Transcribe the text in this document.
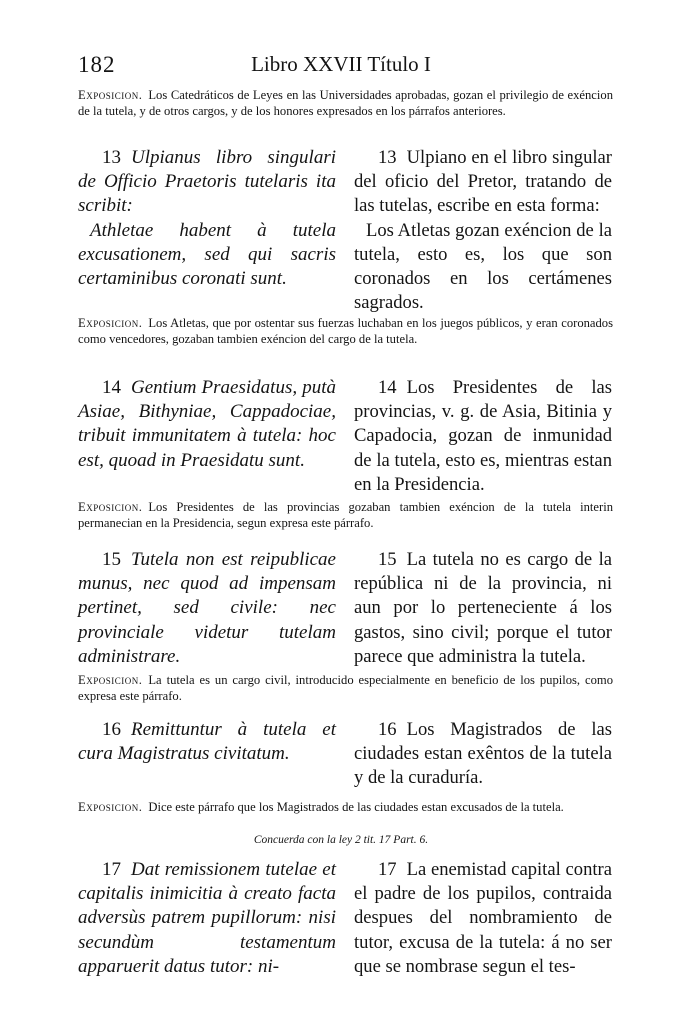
182	Libro XXVII Título I
Exposicion. Los Catedráticos de Leyes en las Universidades aprobadas, gozan el privilegio de exéncion de la tutela, y de otros cargos, y de los honores expresados en los párrafos anteriores.

13 Ulpianus libro singulari de Officio Praetoris tutelaris ita scribit:

Athletae habent à tutela excusationem, sed qui sacris certaminibus coronati sunt.

13 Ulpiano en el libro singular del oficio del Pretor, tratando de las tutelas, escribe en esta forma:

Los Atletas gozan exéncion de la tutela, esto es, los que son coronados en los certámenes sagrados.

Exposicion. Los Atletas, que por ostentar sus fuerzas luchaban en los juegos públicos, y eran coronados como vencedores, gozaban tambien exéncion del cargo de la tutela.

14 Gentium Praesidatus, putà Asiae, Bithyniae, Cappadociae, tribuit immunitatem à tutela: hoc est, quoad in Praesidatu sunt.

14 Los Presidentes de las provincias, v. g. de Asia, Bitinia y Capadocia, gozan de inmunidad de la tutela, esto es, mientras estan en la Presidencia.

Exposicion. Los Presidentes de las provincias gozaban tambien exéncion de la tutela interin permanecian en la Presidencia, segun expresa este párrafo.

15 Tutela non est reipublicae munus, nec quod ad impensam pertinet, sed civile: nec provinciale videtur tutelam administrare.

15 La tutela no es cargo de la república ni de la provincia, ni aun por lo perteneciente á los gastos, sino civil; porque el tutor parece que administra la tutela.

Exposicion. La tutela es un cargo civil, introducido especialmente en beneficio de los pupilos, como expresa este párrafo.

16 Remittuntur à tutela et cura Magistratus civitatum.

16 Los Magistrados de las ciudades estan exêntos de la tutela y de la curaduría.

Exposicion. Dice este párrafo que los Magistrados de las ciudades estan excusados de la tutela.
Concuerda con la ley 2 tit. 17 Part. 6.

17 Dat remissionem tutelae et capitalis inimicitia à creato facta adversùs patrem pupillorum: nisi secundùm testamentum apparuerit datus tutor: ni-

17 La enemistad capital contra el padre de los pupilos, contraida despues del nombramiento de tutor, excusa de la tutela: á no ser que se nombrase segun el tes-
